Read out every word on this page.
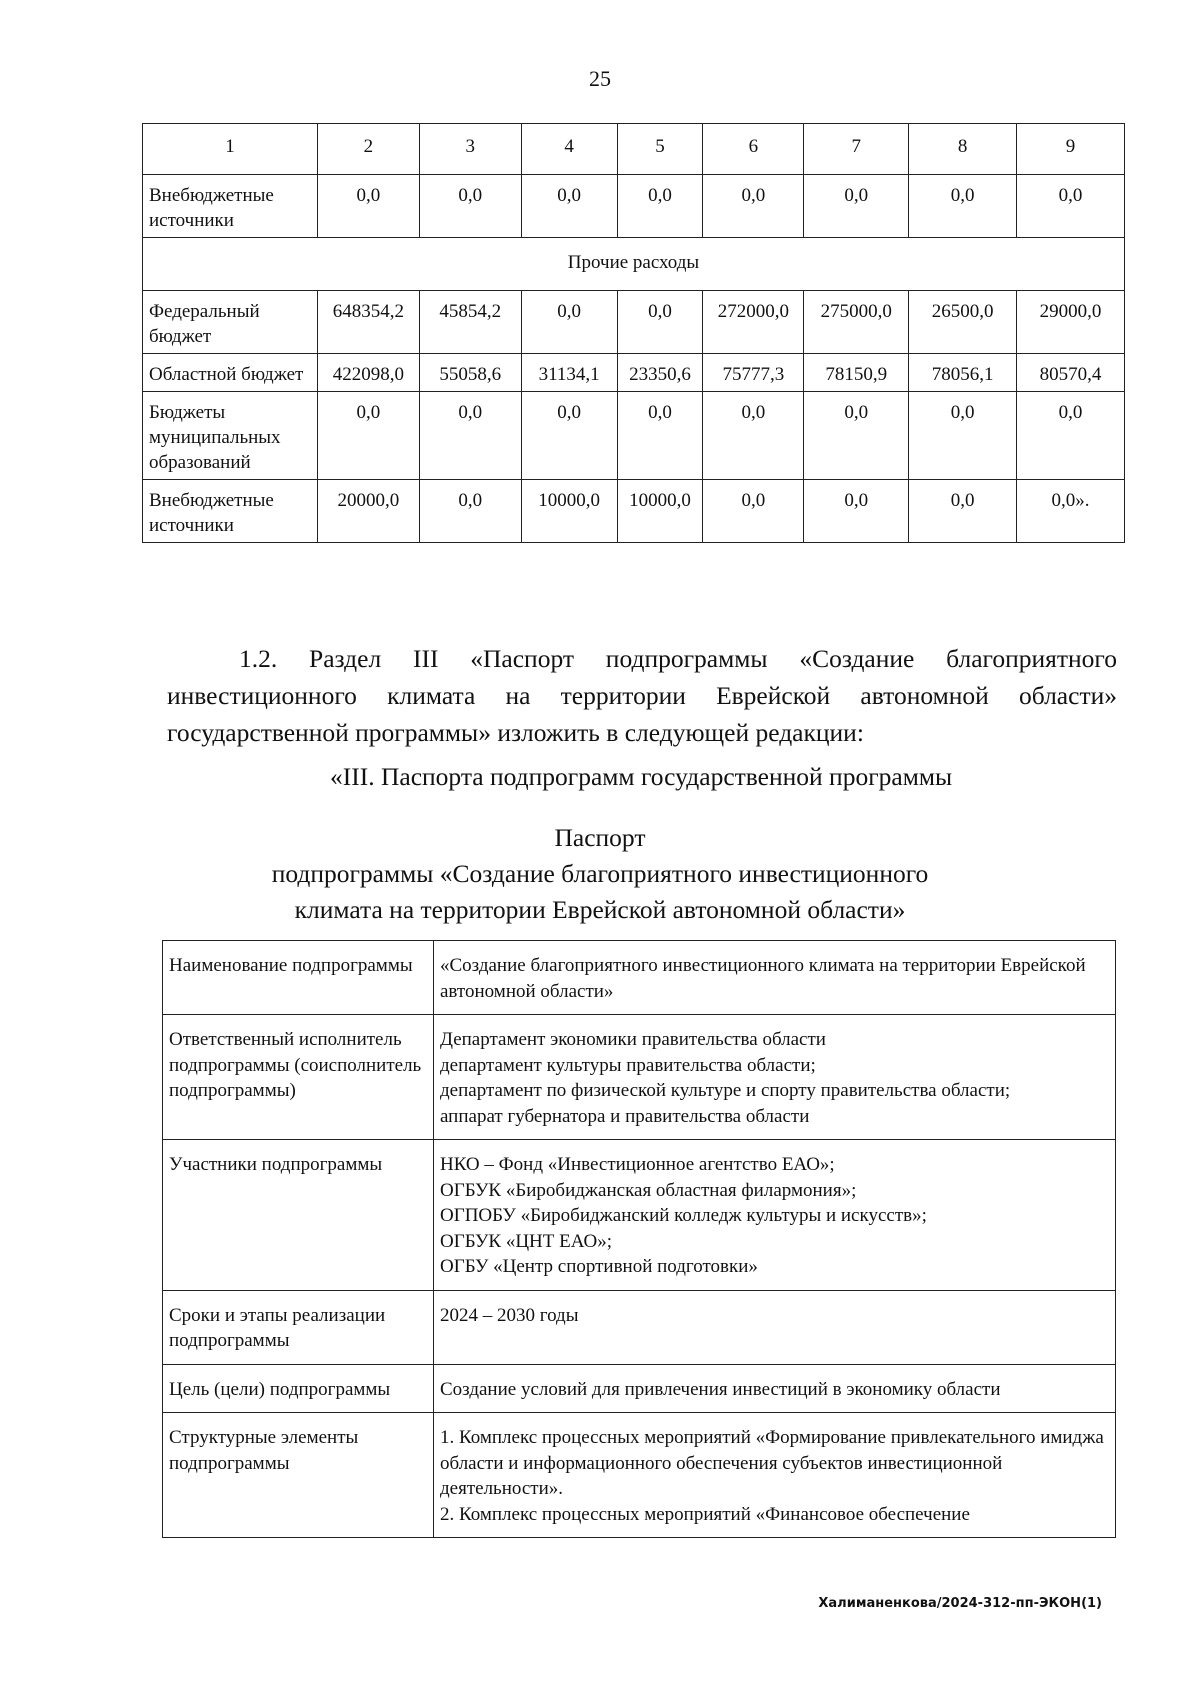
25
1	2	3	4	5	6	7	8	9
Внебюджетные источники	0,0	0,0	0,0	0,0	0,0	0,0	0,0	0,0
Прочие расходы								
Федеральный бюджет	648354,2	45854,2	0,0	0,0	272000,0	275000,0	26500,0	29000,0
Областной бюджет	422098,0	55058,6	31134,1	23350,6	75777,3	78150,9	78056,1	80570,4
Бюджеты муниципальных образований	0,0	0,0	0,0	0,0	0,0	0,0	0,0	0,0
Внебюджетные источники	20000,0	0,0	10000,0	10000,0	0,0	0,0	0,0	0,0».

1.2. Раздел III «Паспорт подпрограммы «Создание благоприятного инвестиционного климата на территории Еврейской автономной области» государственной программы» изложить в следующей редакции:

«III. Паспорта подпрограмм государственной программы
Паспорт
подпрограммы «Создание благоприятного инвестиционного
климата на территории Еврейской автономной области»
Наименование подпрограммы	«Создание благоприятного инвестиционного климата на территории Еврейской автономной области»

Ответственный исполнитель подпрограммы (соисполнитель подпрограммы)	Департамент экономики правительства области
департамент культуры правительства области;
департамент по физической культуре и спорту правительства области;
аппарат губернатора и правительства области

Участники подпрограммы	НКО – Фонд «Инвестиционное агентство ЕАО»;
ОГБУК «Биробиджанская областная филармония»;
ОГПОБУ «Биробиджанский колледж культуры и искусств»;
ОГБУК «ЦНТ ЕАО»;
ОГБУ «Центр спортивной подготовки»

Сроки и этапы реализации подпрограммы	2024 – 2030 годы

Цель (цели) подпрограммы	Создание условий для привлечения инвестиций в экономику области

Структурные элементы подпрограммы	1. Комплекс процессных мероприятий «Формирование привлекательного имиджа области и информационного обеспечения субъектов инвестиционной деятельности».
2. Комплекс процессных мероприятий «Финансовое обеспечение
Халиманенкова/2024-312-пп-ЭКОН(1)
